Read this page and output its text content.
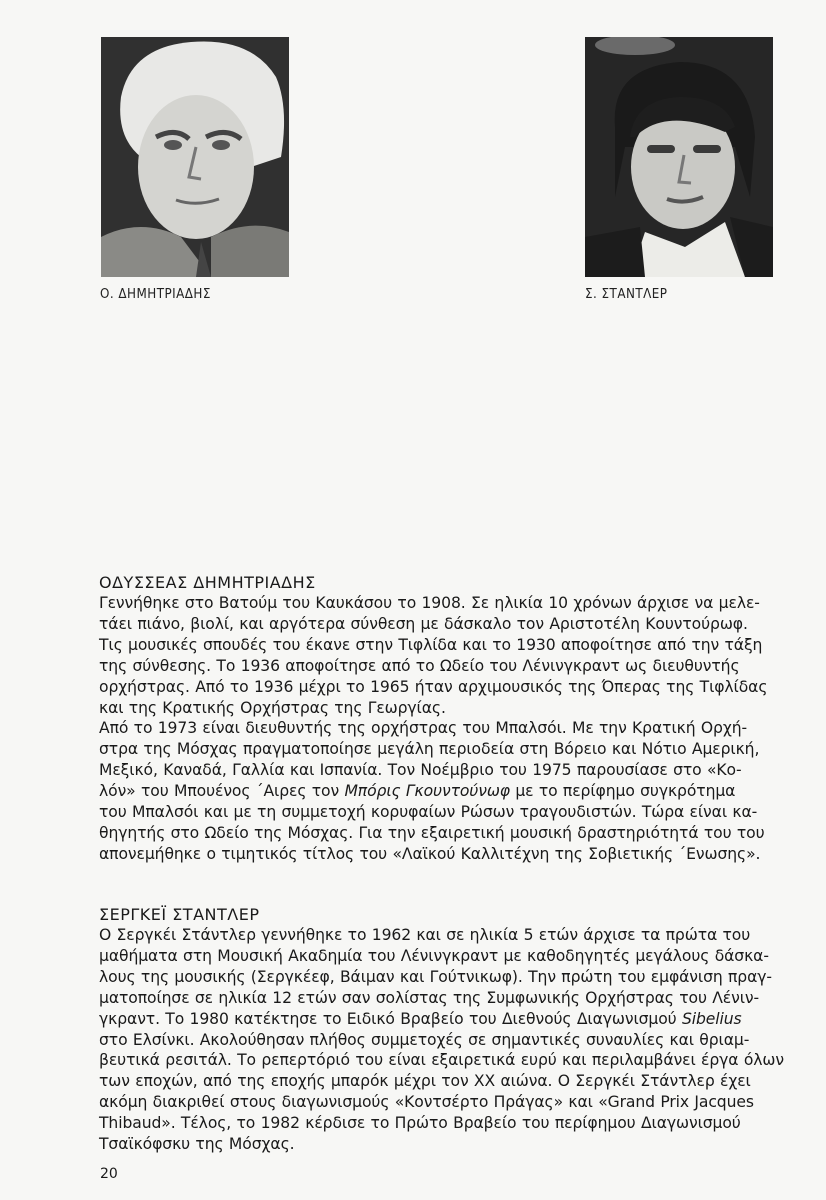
Ο. ΔΗΜΗΤΡΙΑΔΗΣ	Σ. ΣΤΑΝΤΛΕΡ
ΟΔΥΣΣΕΑΣ ΔΗΜΗΤΡΙΑΔΗΣ

Γεννήθηκε στο Βατούμ του Καυκάσου το 1908. Σε ηλικία 10 χρόνων άρχισε να μελε-
τάει πιάνο, βιολί, και αργότερα σύνθεση με δάσκαλο τον Αριστοτέλη Κουντούρωφ.
Τις μουσικές σπουδές του έκανε στην Τιφλίδα και το 1930 αποφοίτησε από την τάξη
της σύνθεσης. Το 1936 αποφοίτησε από το Ωδείο του Λένινγκραντ ως διευθυντής
ορχήστρας. Από το 1936 μέχρι το 1965 ήταν αρχιμουσικός της Όπερας της Τιφλίδας
και της Κρατικής Ορχήστρας της Γεωργίας.
Από το 1973 είναι διευθυντής της ορχήστρας του Μπαλσόι. Με την Κρατική Ορχή-
στρα της Μόσχας πραγματοποίησε μεγάλη περιοδεία στη Βόρειο και Νότιο Αμερική,
Μεξικό, Καναδά, Γαλλία και Ισπανία. Τον Νοέμβριο του 1975 παρουσίασε στο «Κο-
λόν» του Μπουένος ΄Αιρες τον Μπόρις Γκουντούνωφ με το περίφημο συγκρότημα
του Μπαλσόι και με τη συμμετοχή κορυφαίων Ρώσων τραγουδιστών. Τώρα είναι κα-
θηγητής στο Ωδείο της Μόσχας. Για την εξαιρετική μουσική δραστηριότητά του του
απονεμήθηκε ο τιμητικός τίτλος του «Λαϊκού Καλλιτέχνη της Σοβιετικής ΄Ενωσης».

ΣΕΡΓΚΕΪ ΣΤΑΝΤΛΕΡ

Ο Σεργκέι Στάντλερ γεννήθηκε το 1962 και σε ηλικία 5 ετών άρχισε τα πρώτα του
μαθήματα στη Μουσική Ακαδημία του Λένινγκραντ με καθοδηγητές μεγάλους δάσκα-
λους της μουσικής (Σεργκέεφ, Βάιμαν και Γούτνικωφ). Την πρώτη του εμφάνιση πραγ-
ματοποίησε σε ηλικία 12 ετών σαν σολίστας της Συμφωνικής Ορχήστρας του Λένιν-
γκραντ. Το 1980 κατέκτησε το Ειδικό Βραβείο του Διεθνούς Διαγωνισμού Sibelius
στο Ελσίνκι. Ακολούθησαν πλήθος συμμετοχές σε σημαντικές συναυλίες και θριαμ-
βευτικά ρεσιτάλ. Το ρεπερτόριό του είναι εξαιρετικά ευρύ και περιλαμβάνει έργα όλων
των εποχών, από της εποχής μπαρόκ μέχρι τον ΧΧ αιώνα. Ο Σεργκέι Στάντλερ έχει
ακόμη διακριθεί στους διαγωνισμούς «Κοντσέρτο Πράγας» και «Grand Prix Jacques
Thibaud». Τέλος, το 1982 κέρδισε το Πρώτο Βραβείο του περίφημου Διαγωνισμού
Τσαϊκόφσκυ της Μόσχας.

20
